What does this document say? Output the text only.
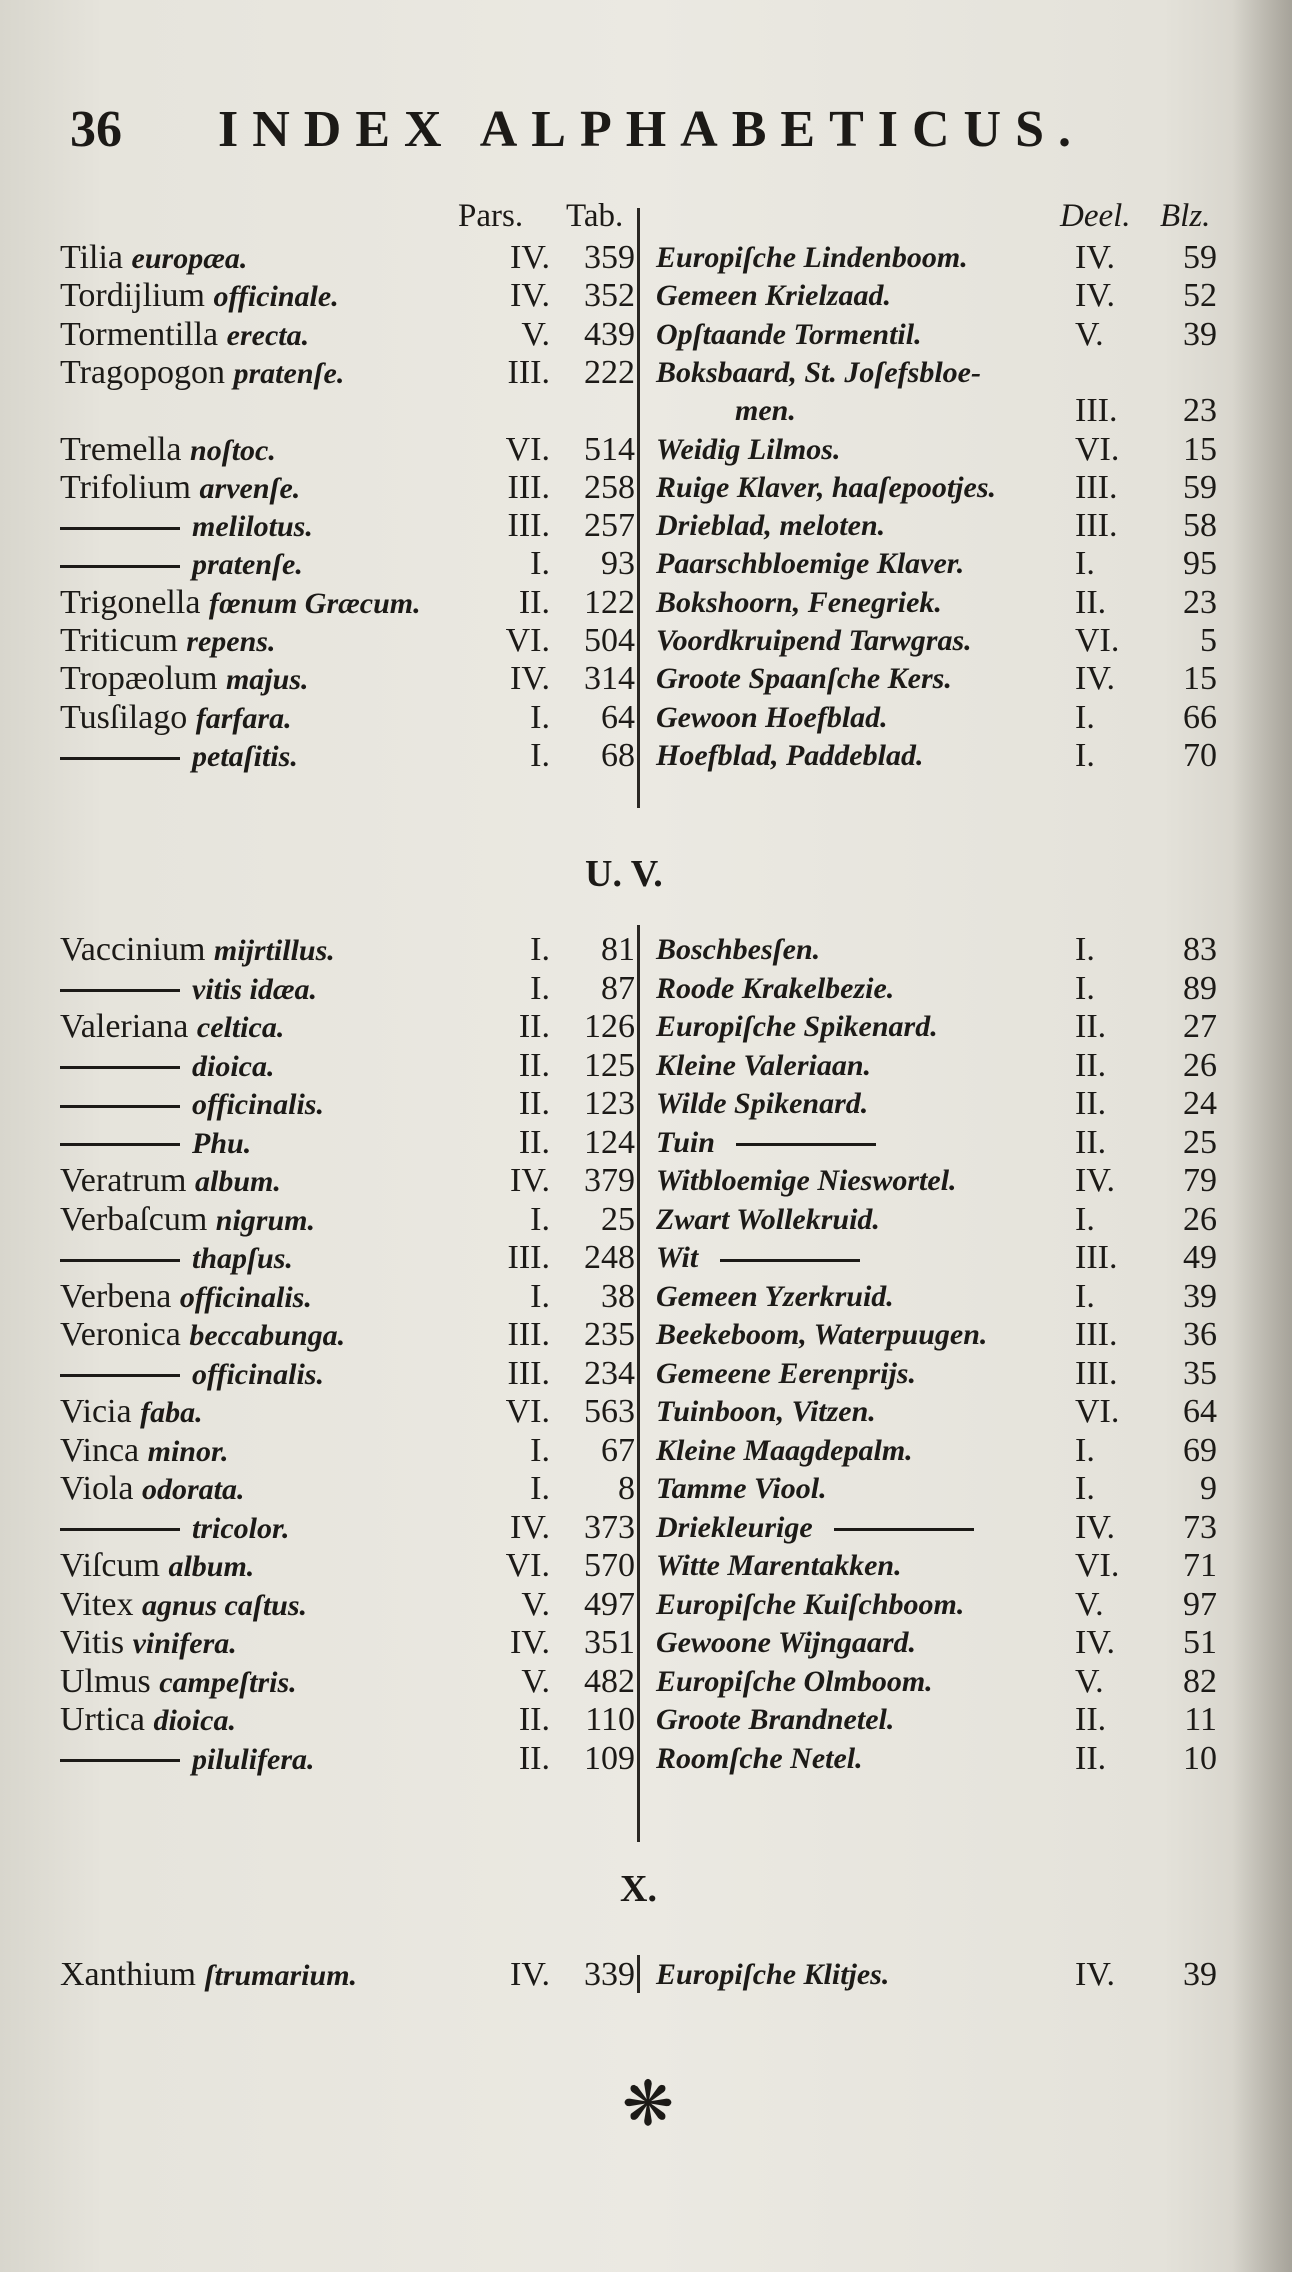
36 INDEX ALPHABETICUS.
Pars. Tab.	Deel. Blz.
Tilia europæa.	IV.	359 Europiſche Lindenboom.	IV.	59
Tordijlium officinale.	IV.	352 Gemeen Krielzaad.	IV.	52
Tormentilla erecta.	V.	439 Opſtaande Tormentil.	V.	39
Tragopogon pratenſe.	III.	222 Boksbaard, St. Joſefsbloe-
men.	III.	23
Tremella noſtoc.	VI.	514 Weidig Lilmos.	VI.	15
Trifolium arvenſe.	III.	258 Ruige Klaver, haaſepootjes. III.	59
melilotus.	III.	257 Drieblad, meloten.	III.	58
pratenſe.	I.	93 Paarschbloemige Klaver.	I.	95
Trigonella fœnum Græcum.	II.	122 Bokshoorn, Fenegriek.	II.	23
Triticum repens.	VI.	504 Voordkruipend Tarwgras.	VI.	5
Tropæolum majus.	IV.	314 Groote Spaanſche Kers.	IV.	15
Tusſilago farfara.	I.	64 Gewoon Hoefblad.	I.	66
petaſitis.	I.	68 Hoefblad, Paddeblad.	I.	70
U. V.
Vaccinium mijrtillus.	I.	81 Boschbesſen.	I.	83
vitis idæa.	I.	87 Roode Krakelbezie.	I.	89
Valeriana celtica.	II.	126 Europiſche Spikenard.	II.	27
dioica.	II.	125 Kleine Valeriaan.	II.	26
officinalis.	II.	123 Wilde Spikenard.	II.	24
Phu.	II.	124 Tuin	II.	25
Veratrum album.	IV.	379 Witbloemige Nieswortel.	IV.	79
Verbaſcum nigrum.	I.	25 Zwart Wollekruid.	I.	26
thapſus.	III.	248 Wit	III.	49
Verbena officinalis.	I.	38 Gemeen Yzerkruid.	I.	39
Veronica beccabunga.	III.	235 Beekeboom, Waterpuugen.	III.	36
officinalis.	III.	234 Gemeene Eerenprijs.	III.	35
Vicia faba.	VI.	563 Tuinboon, Vitzen.	VI.	64
Vinca minor.	I.	67 Kleine Maagdepalm.	I.	69
Viola odorata.	I.	8 Tamme Viool.	I.	9
tricolor.	IV.	373 Driekleurige	IV.	73
Viſcum album.	VI.	570 Witte Marentakken.	VI.	71
Vitex agnus caſtus.	V.	497 Europiſche Kuiſchboom.	V.	97
Vitis vinifera.	IV.	351 Gewoone Wijngaard.	IV.	51
Ulmus campeſtris.	V.	482 Europiſche Olmboom.	V.	82
Urtica dioica.	II.	110 Groote Brandnetel.	II.	11
pilulifera.	II.	109 Roomſche Netel.	II.	10
X.
Xanthium ſtrumarium.	IV.	339 Europiſche Klitjes.	IV.	39
❋
